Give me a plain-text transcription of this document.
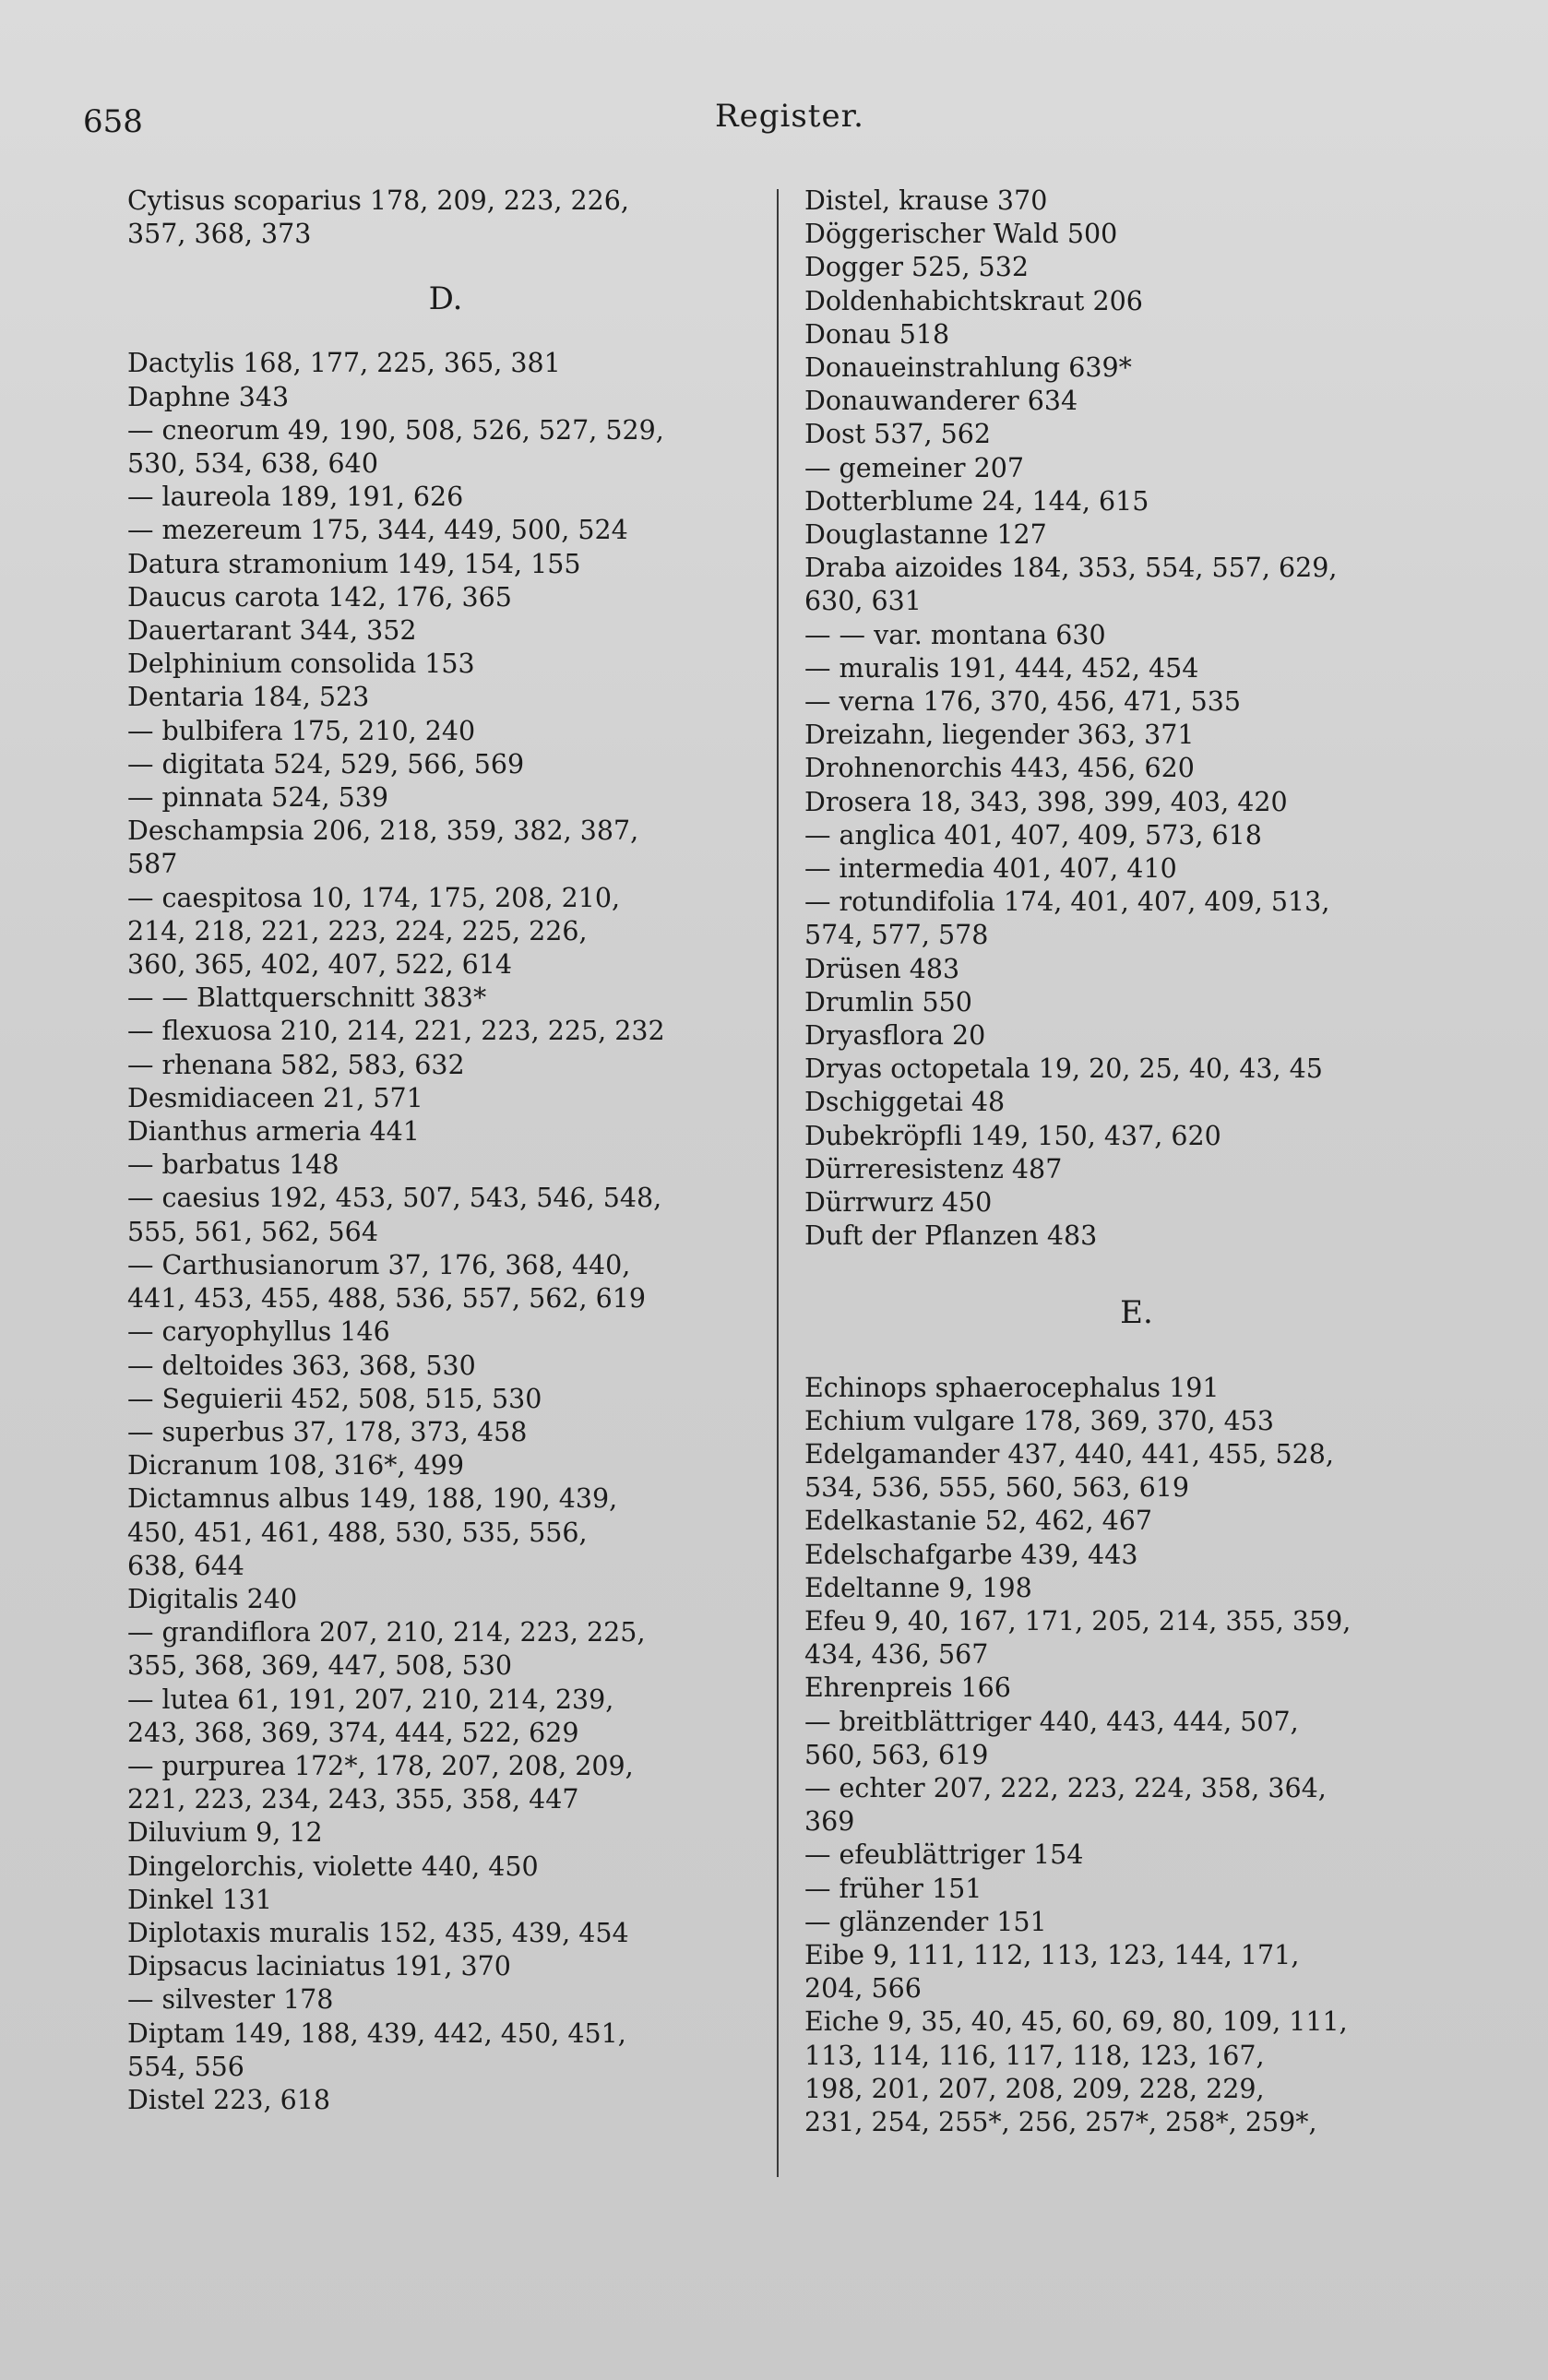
658	Register.
Cytisus scoparius 178, 209, 223, 226,
357, 368, 373
D.
Dactylis 168, 177, 225, 365, 381
Daphne 343
— cneorum 49, 190, 508, 526, 527, 529,
530, 534, 638, 640
— laureola 189, 191, 626
— mezereum 175, 344, 449, 500, 524
Datura stramonium 149, 154, 155
Daucus carota 142, 176, 365
Dauertarant 344, 352
Delphinium consolida 153
Dentaria 184, 523
— bulbifera 175, 210, 240
— digitata 524, 529, 566, 569
— pinnata 524, 539
Deschampsia 206, 218, 359, 382, 387,
587
— caespitosa 10, 174, 175, 208, 210,
214, 218, 221, 223, 224, 225, 226,
360, 365, 402, 407, 522, 614
— — Blattquerschnitt 383*
— flexuosa 210, 214, 221, 223, 225, 232
— rhenana 582, 583, 632
Desmidiaceen 21, 571
Dianthus armeria 441
— barbatus 148
— caesius 192, 453, 507, 543, 546, 548,
555, 561, 562, 564
— Carthusianorum 37, 176, 368, 440,
441, 453, 455, 488, 536, 557, 562, 619
— caryophyllus 146
— deltoides 363, 368, 530
— Seguierii 452, 508, 515, 530
— superbus 37, 178, 373, 458
Dicranum 108, 316*, 499
Dictamnus albus 149, 188, 190, 439,
450, 451, 461, 488, 530, 535, 556,
638, 644
Digitalis 240
— grandiflora 207, 210, 214, 223, 225,
355, 368, 369, 447, 508, 530
— lutea 61, 191, 207, 210, 214, 239,
243, 368, 369, 374, 444, 522, 629
— purpurea 172*, 178, 207, 208, 209,
221, 223, 234, 243, 355, 358, 447
Diluvium 9, 12
Dingelorchis, violette 440, 450
Dinkel 131
Diplotaxis muralis 152, 435, 439, 454
Dipsacus laciniatus 191, 370
— silvester 178
Diptam 149, 188, 439, 442, 450, 451,
554, 556
Distel 223, 618
Distel, krause 370
Döggerischer Wald 500
Dogger 525, 532
Doldenhabichtskraut 206
Donau 518
Donaueinstrahlung 639*
Donauwanderer 634
Dost 537, 562
— gemeiner 207
Dotterblume 24, 144, 615
Douglastanne 127
Draba aizoides 184, 353, 554, 557, 629,
630, 631
— — var. montana 630
— muralis 191, 444, 452, 454
— verna 176, 370, 456, 471, 535
Dreizahn, liegender 363, 371
Drohnenorchis 443, 456, 620
Drosera 18, 343, 398, 399, 403, 420
— anglica 401, 407, 409, 573, 618
— intermedia 401, 407, 410
— rotundifolia 174, 401, 407, 409, 513,
574, 577, 578
Drüsen 483
Drumlin 550
Dryasflora 20
Dryas octopetala 19, 20, 25, 40, 43, 45
Dschiggetai 48
Dubekröpfli 149, 150, 437, 620
Dürreresistenz 487
Dürrwurz 450
Duft der Pflanzen 483
E.
Echinops sphaerocephalus 191
Echium vulgare 178, 369, 370, 453
Edelgamander 437, 440, 441, 455, 528,
534, 536, 555, 560, 563, 619
Edelkastanie 52, 462, 467
Edelschafgarbe 439, 443
Edeltanne 9, 198
Efeu 9, 40, 167, 171, 205, 214, 355, 359,
434, 436, 567
Ehrenpreis 166
— breitblättriger 440, 443, 444, 507,
560, 563, 619
— echter 207, 222, 223, 224, 358, 364,
369
— efeublättriger 154
— früher 151
— glänzender 151
Eibe 9, 111, 112, 113, 123, 144, 171,
204, 566
Eiche 9, 35, 40, 45, 60, 69, 80, 109, 111,
113, 114, 116, 117, 118, 123, 167,
198, 201, 207, 208, 209, 228, 229,
231, 254, 255*, 256, 257*, 258*, 259*,
